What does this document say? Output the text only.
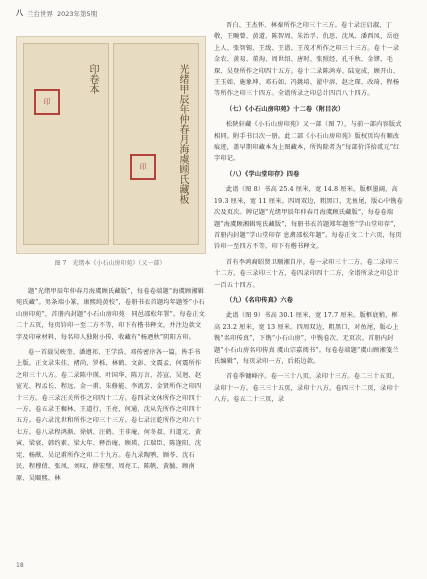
八 兰台世界 2023年第5期
印卷本
印	光绪甲辰年仲春月海虞顾氏藏板
印
图 7　光绪本《小石山房印苑》（又一部）

题“光绪甲辰年仲春月海虞顾氏藏版”，每卷卷端题“海虞顾湘辑宛氏藏”。男条端小篆，康熙纯黄校”，卷册书衣首题均年题签“小石山房印苑”，首册内封题“小石山房印苑　同邑邵松年署”。每卷正文二十五页，每页钤印一至二方不等，印下有楷书释文，并注边款文字及印章材料，每名印人独附小传，收藏有“杨迺秋”阴阳方印。

卷一首载吴映奎、潘遵祁、王学浩、邓传密序各一篇，皆手书上版。正文录朱佳、褚尚、罗栎、林鹤、文彭、文震孟、何震所作之印三十八方。卷二录陈中瑛、叶国华、陈万言、苏宣、吴迥、赵宧光、程孟长、程远、金一甫、朱修能、李流芳、金贤所作之印四十三方。卷三录汪关所作之印四十二方。卷四录文休所作之印四十一方。卷五录王穉林、王道行、王亮、何通、沈从先所作之印四十五方。卷六录沈世和所作之印三十三方。卷七录汪乾所作之印六十七方。卷八录程鸿渐、徐炳、汪鹤、王非庵、何冬叔、归道元、黄寅、梁衰、韩约素、梁大年、释治庵、顾瑛、江瑞臣、陈逢阳、沈宪、杨猷、吴记甫所作之印二十九方。卷九录陶鹗、顾苓、沈石民、程穆倩、张凤、刘叹、薛宏璧、周亮工、陈帆、黄毓、顾南原、吴颐熙、林

晋白、王杰怀、林秦所作之印三十三方。卷十录汪启淑、丁敬、王畹曾、黄道、陈智周、朱治孚、仇思、沈凤、潘西凤、岳庭上人、张智锡、王绂、王谱、王茂才所作之印三十三方。卷十一录金农、黄易、董洵、周世绍、唐时、张照经、孔千秋、金镠、毛琛、吴登所作之印四十五方。卷十二录陈鸿寿、陆宠成、顾开山、王玉如、施象坤、邓石如、冯銚培、翟中溶、赵之琛、改琦、程杨等所作之印三十四方。全谱所录之印总计四百八十四方。

（七）《小石山房印苑》十二卷（附目次）

松陕轩藏《小石山房印苑》又一部（图 7），与前一部内容版式相同。附手书目次一册。此二部《小石山房印苑》版权页均有顺改痕迹，盖早期印藏本为上图藏本，所钩除者为“每部价洋拾贰元”红字印记。

（八）《学山堂印存》四卷

此谱（图 8）书高 25.4 厘米，宽 14.8 厘米。版框墨阔，高 19.3 厘米，宽 11 厘米。四周双边，粗黑口，无鱼尾，版心中镌卷次及页次。牌记题“光绪甲辰年仲春月海虞顾氏藏版”，每卷卷端题“海虞顾湘辑宛氏藏版”，每册书衣首题郑年题签“学山堂印存”，首册内封题“学山堂印存 息禽邵松年题”。每卷正文二十六页，每页钤印一至四方不等，印下有楷书释文。

首有李鸿裔昭贤卫顺湘自序。卷一录印三十二方，卷二录印三十二方，卷三录印三十方，卷四录印四十二方，全谱所录之印总计一百五十四方。

（九）《名印传真》六卷

此谱（图 9）书高 30.1 厘米，宽 17.7 厘米。版框底稍，框高 23.2 厘米，宽 13 厘米。四周双边，粗黑口，对鱼尾，版心上镌“名印传真”，下镌“小石山房”，中镌卷次、无页次。首册内封题“小石山房名印传真 虞山宗嘉阅书”。每卷卷端题“虞山顾湘笺兰氏编辑”，每页录印一方，后拓边款。

首卷季镛峰序。卷一三十八页，录印十三方。卷二三十五页，录印十一方。卷三三十五页，录印十八方。卷四三十二页，录印十八方。卷五二十三页，录

18
